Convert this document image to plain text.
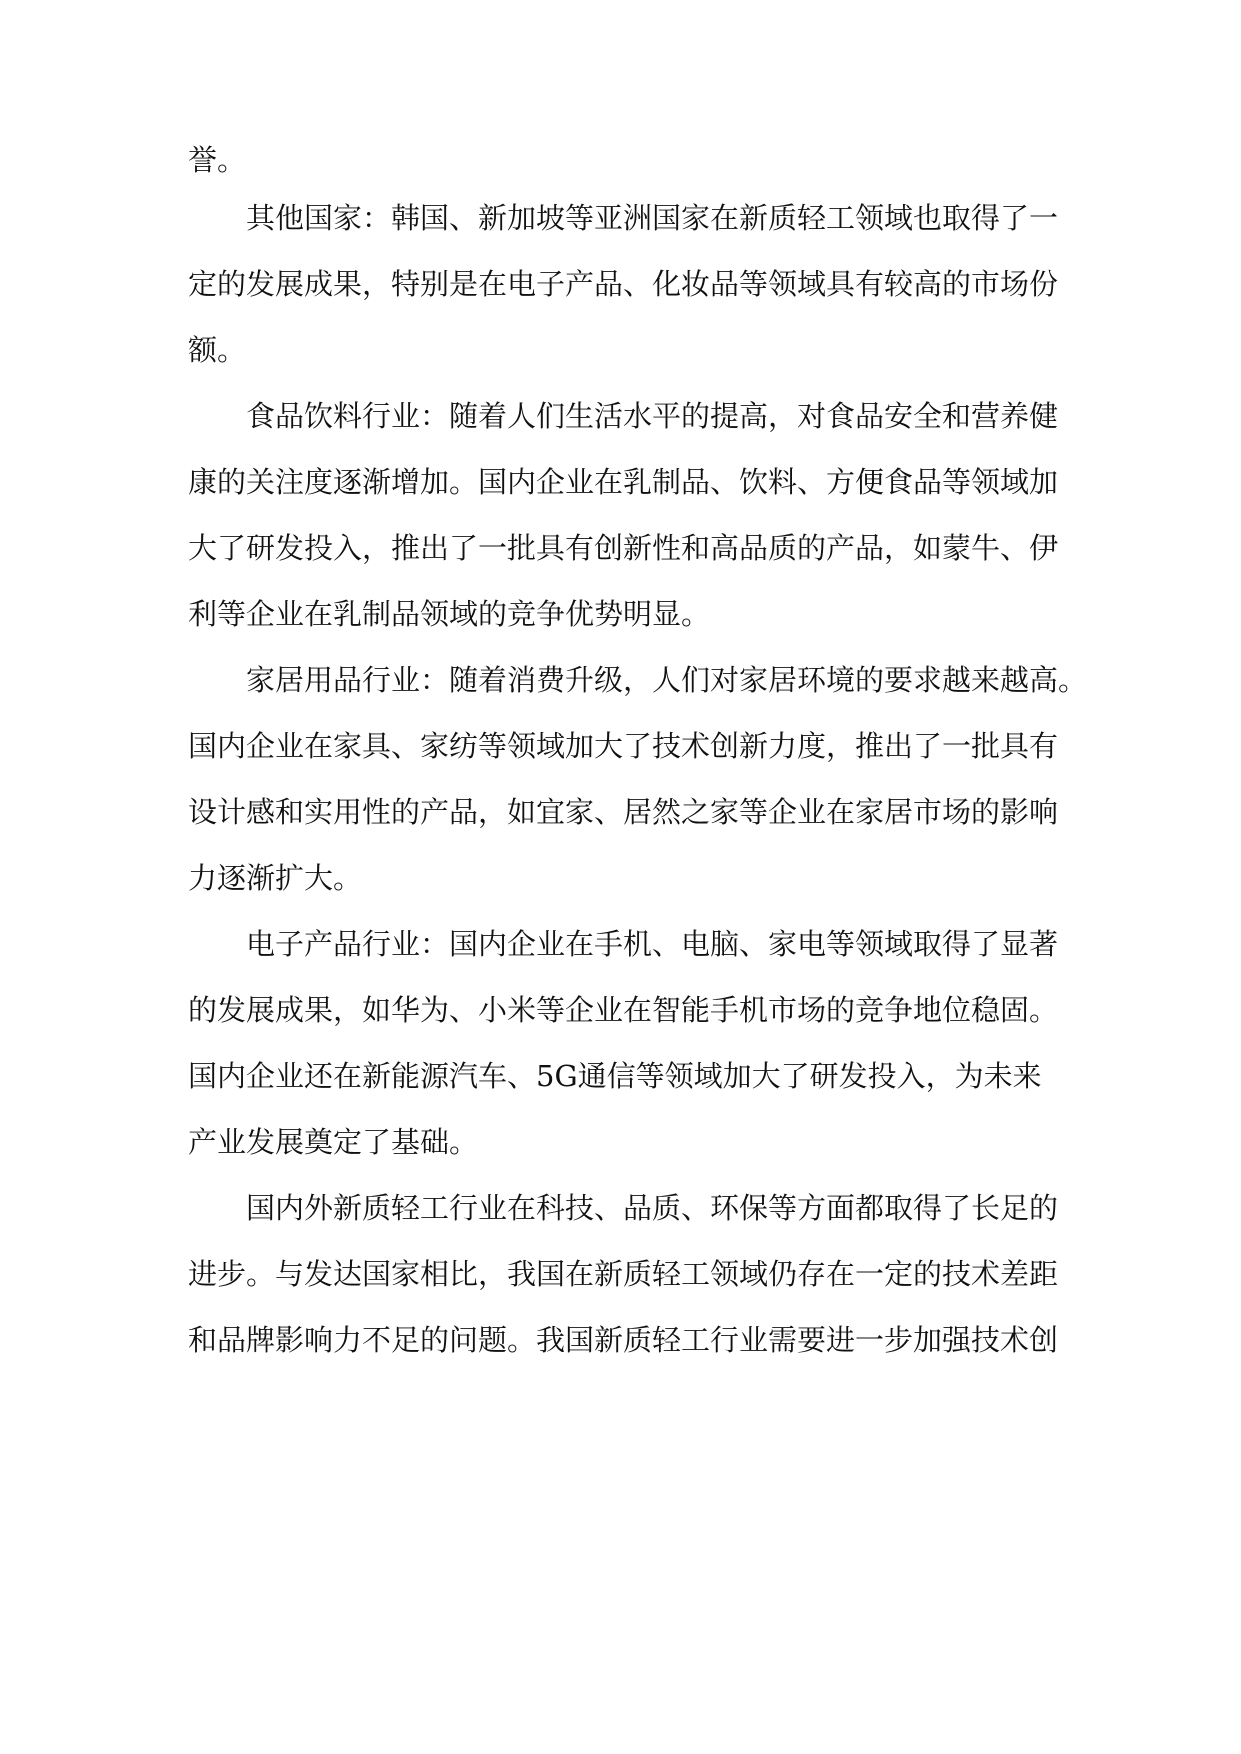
誉。
其他国家：韩国、新加坡等亚洲国家在新质轻工领域也取得了一
定的发展成果，特别是在电子产品、化妆品等领域具有较高的市场份
额。
食品饮料行业：随着人们生活水平的提高，对食品安全和营养健
康的关注度逐渐增加。国内企业在乳制品、饮料、方便食品等领域加
大了研发投入，推出了一批具有创新性和高品质的产品，如蒙牛、伊
利等企业在乳制品领域的竞争优势明显。
家居用品行业：随着消费升级，人们对家居环境的要求越来越高。
国内企业在家具、家纺等领域加大了技术创新力度，推出了一批具有
设计感和实用性的产品，如宜家、居然之家等企业在家居市场的影响
力逐渐扩大。
电子产品行业：国内企业在手机、电脑、家电等领域取得了显著
的发展成果，如华为、小米等企业在智能手机市场的竞争地位稳固。
国内企业还在新能源汽车、5G通信等领域加大了研发投入，为未来
产业发展奠定了基础。
国内外新质轻工行业在科技、品质、环保等方面都取得了长足的
进步。与发达国家相比，我国在新质轻工领域仍存在一定的技术差距
和品牌影响力不足的问题。我国新质轻工行业需要进一步加强技术创
